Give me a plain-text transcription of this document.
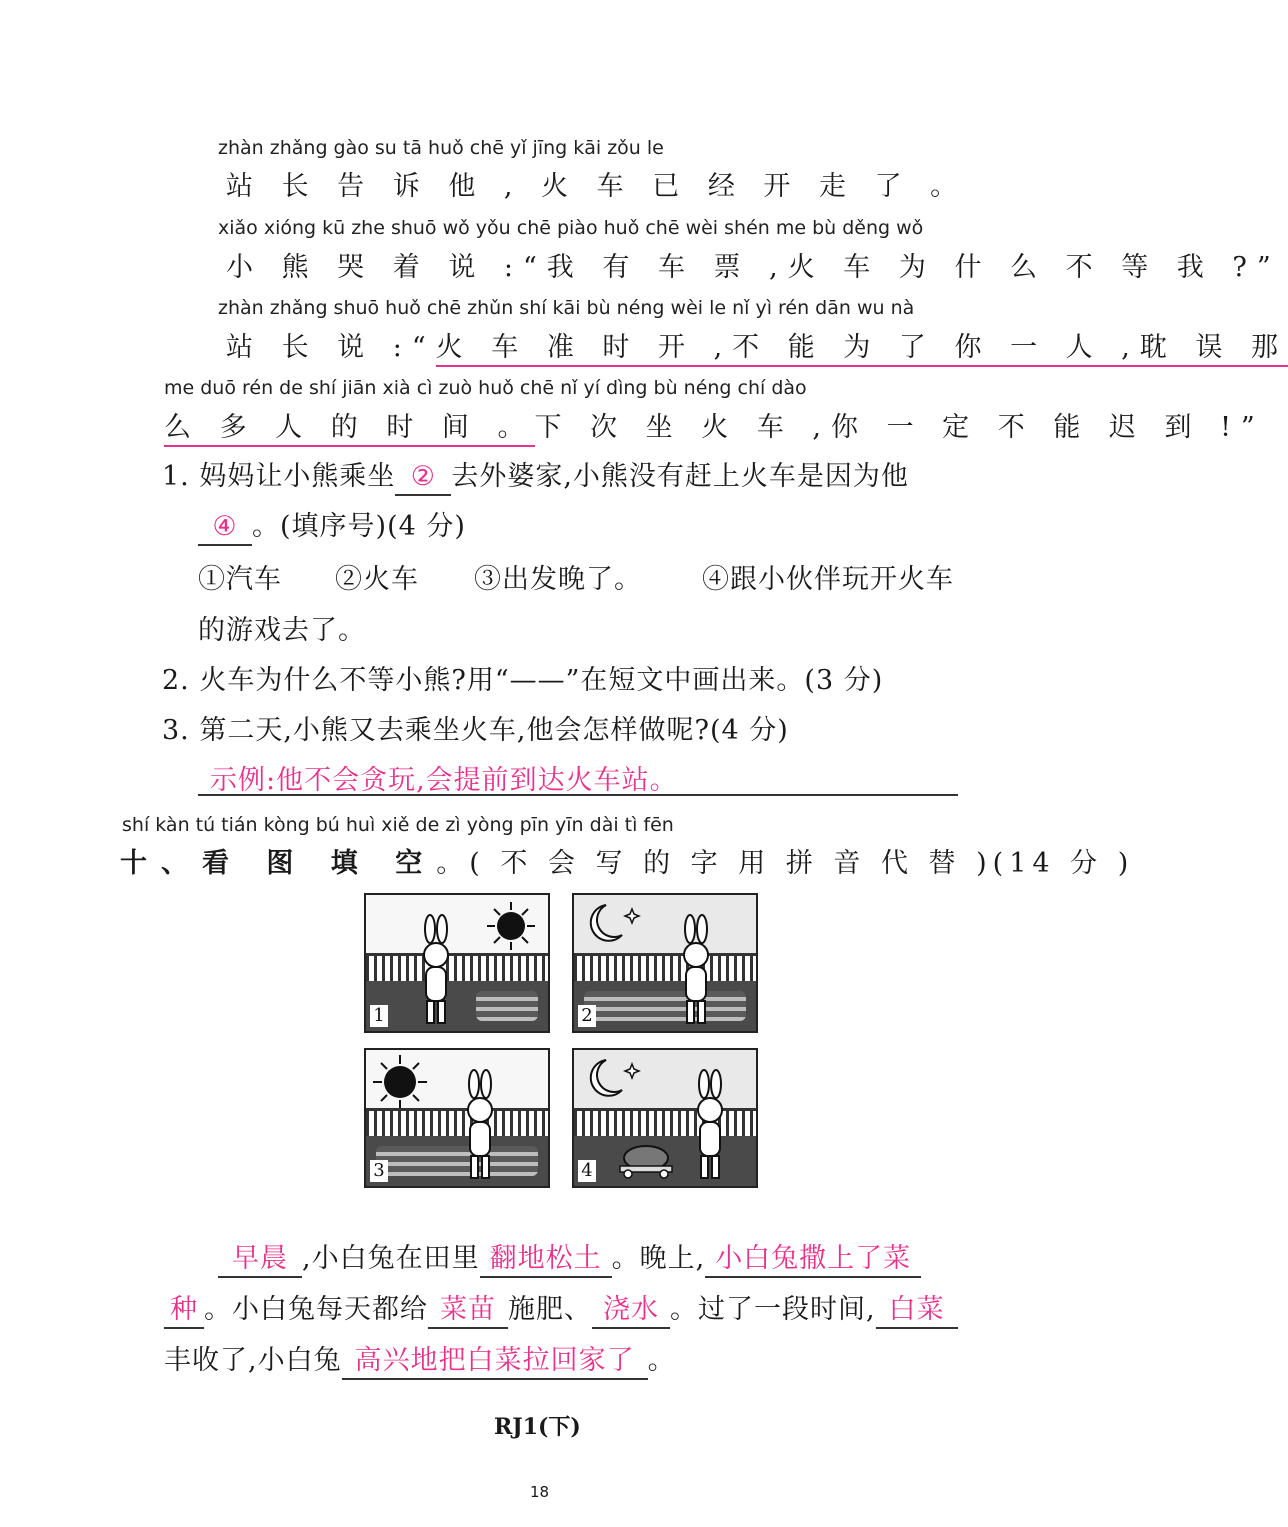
zhàn zhǎng gào su tā huǒ chē yǐ jīng kāi zǒu le
站 长 告 诉 他 , 火 车 已 经 开 走 了 。
xiǎo xióng kū zhe shuō wǒ yǒu chē piào huǒ chē wèi shén me bù děng wǒ
小 熊 哭 着 说 :“我 有 车 票 ,火 车 为 什 么 不 等 我 ?”
zhàn zhǎng shuō huǒ chē zhǔn shí kāi bù néng wèi le nǐ yì rén dān wu nà
站 长 说 :“火 车 准 时 开 ,不 能 为 了 你 一 人 ,耽 误 那
me duō rén de shí jiān xià cì zuò huǒ chē nǐ yí dìng bù néng chí dào
么 多 人 的 时 间 。下 次 坐 火 车 ,你 一 定 不 能 迟 到 !”
1. 妈妈让小熊乘坐 ② 去外婆家,小熊没有赶上火车是因为他
④ 。(填序号)(4 分)
①汽车 ②火车 ③出发晚了。 ④跟小伙伴玩开火车
的游戏去了。
2. 火车为什么不等小熊?用“——”在短文中画出来。(3 分)
3. 第二天,小熊又去乘坐火车,他会怎样做呢?(4 分)
示例:他不会贪玩,会提前到达火车站。
shí kàn tú tián kòng bú huì xiě de zì yòng pīn yīn dài tì fēn
十、看 图 填 空。( 不 会 写 的 字 用 拼 音 代 替 )(14 分 )
1	2
3	4
早晨 ,小白兔在田里 翻地松土 。晚上, 小白兔撒上了菜
种 。小白兔每天都给 菜苗 施肥、 浇水 。过了一段时间, 白菜
丰收了,小白兔 高兴地把白菜拉回家了 。
RJ1(下)
18
